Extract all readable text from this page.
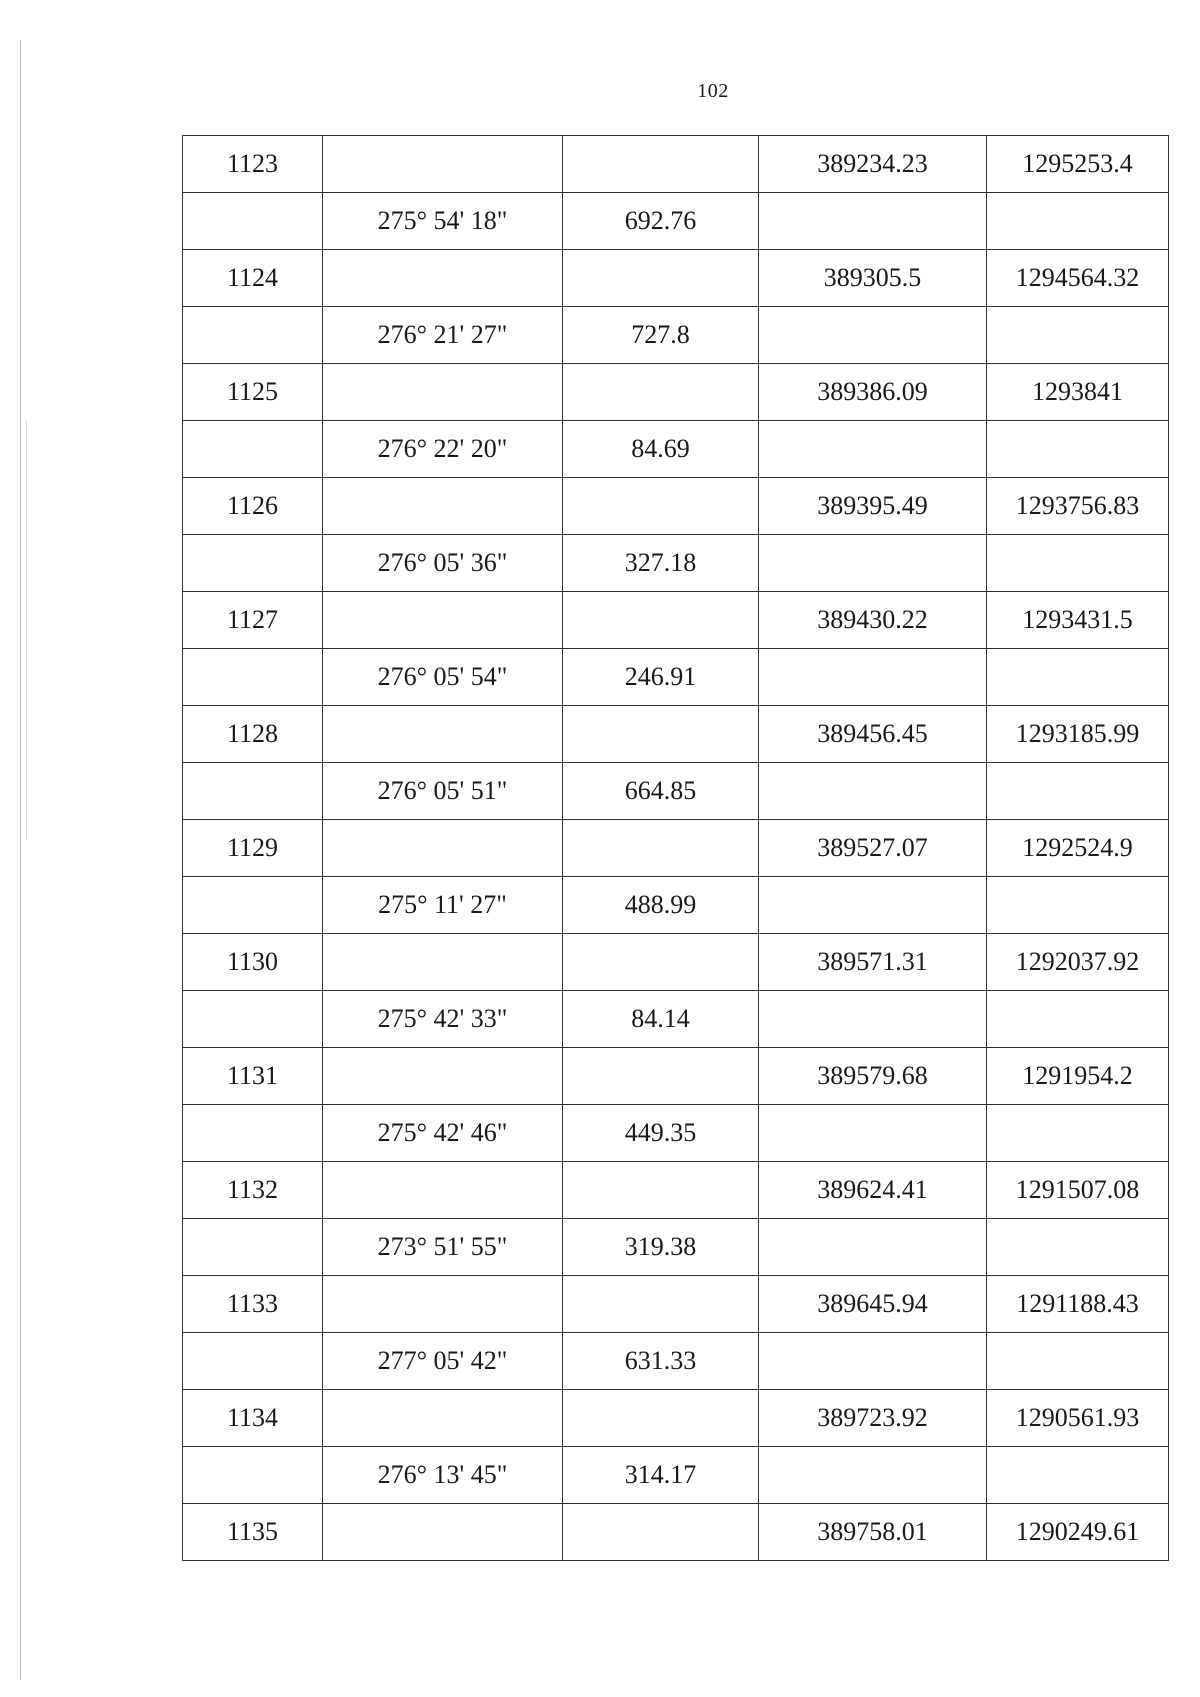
102
1123			389234.23	1295253.4
	275° 54' 18"	692.76		
1124			389305.5	1294564.32
	276° 21' 27"	727.8		
1125			389386.09	1293841
	276° 22' 20"	84.69		
1126			389395.49	1293756.83
	276° 05' 36"	327.18		
1127			389430.22	1293431.5
	276° 05' 54"	246.91		
1128			389456.45	1293185.99
	276° 05' 51"	664.85		
1129			389527.07	1292524.9
	275° 11' 27"	488.99		
1130			389571.31	1292037.92
	275° 42' 33"	84.14		
1131			389579.68	1291954.2
	275° 42' 46"	449.35		
1132			389624.41	1291507.08
	273° 51' 55"	319.38		
1133			389645.94	1291188.43
	277° 05' 42"	631.33		
1134			389723.92	1290561.93
	276° 13' 45"	314.17		
1135			389758.01	1290249.61
